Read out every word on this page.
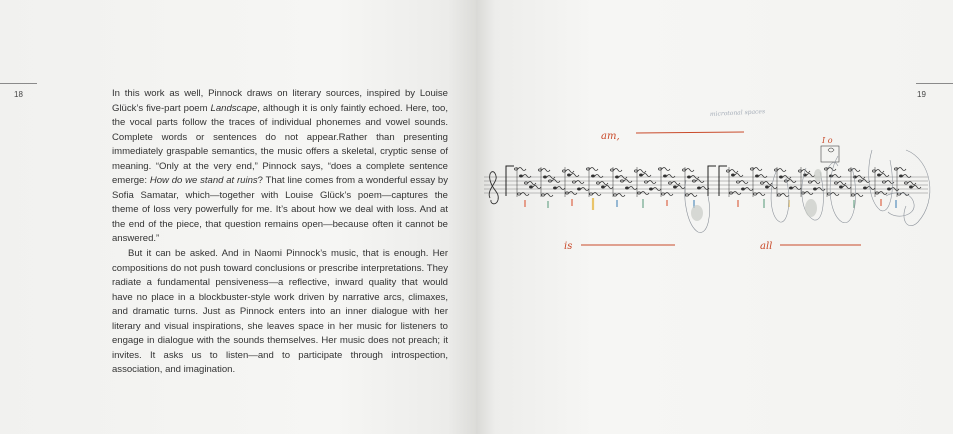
18	In this work as well, Pinnock draws on literary sources, inspired by Louise Glück’s five-part poem Landscape, although it is only faintly echoed. Here, too, the vocal parts follow the traces of individual phonemes and vowel sounds. Complete words or sentences do not appear.Rather than presenting immediately graspable semantics, the music offers a skeletal, cryptic sense of meaning. “Only at the very end,” Pinnock says, “does a complete sentence emerge: How do we stand at ruins? That line comes from a wonderful essay by Sofia Samatar, which—together with Louise Glück’s poem—captures the theme of loss very powerfully for me. It’s about how we deal with loss. And at the end of the piece, that question remains open—because often it cannot be answered.”

But it can be asked. And in Naomi Pinnock’s music, that is enough. Her compositions do not push toward conclusions or prescribe interpretations. They radiate a fundamental pensiveness—a reflective, inward quality that would have no place in a blockbuster-style work driven by narrative arcs, climaxes, and dramatic turns. Just as Pinnock enters into an inner dialogue with her literary and visual inspirations, she leaves space in her music for listeners to engage in dialogue with the sounds themselves. Her music does not preach; it invites. It asks us to listen—and to participate through introspection, association, and imagination.

19
microtonal spaces
am,	I o
is	all
